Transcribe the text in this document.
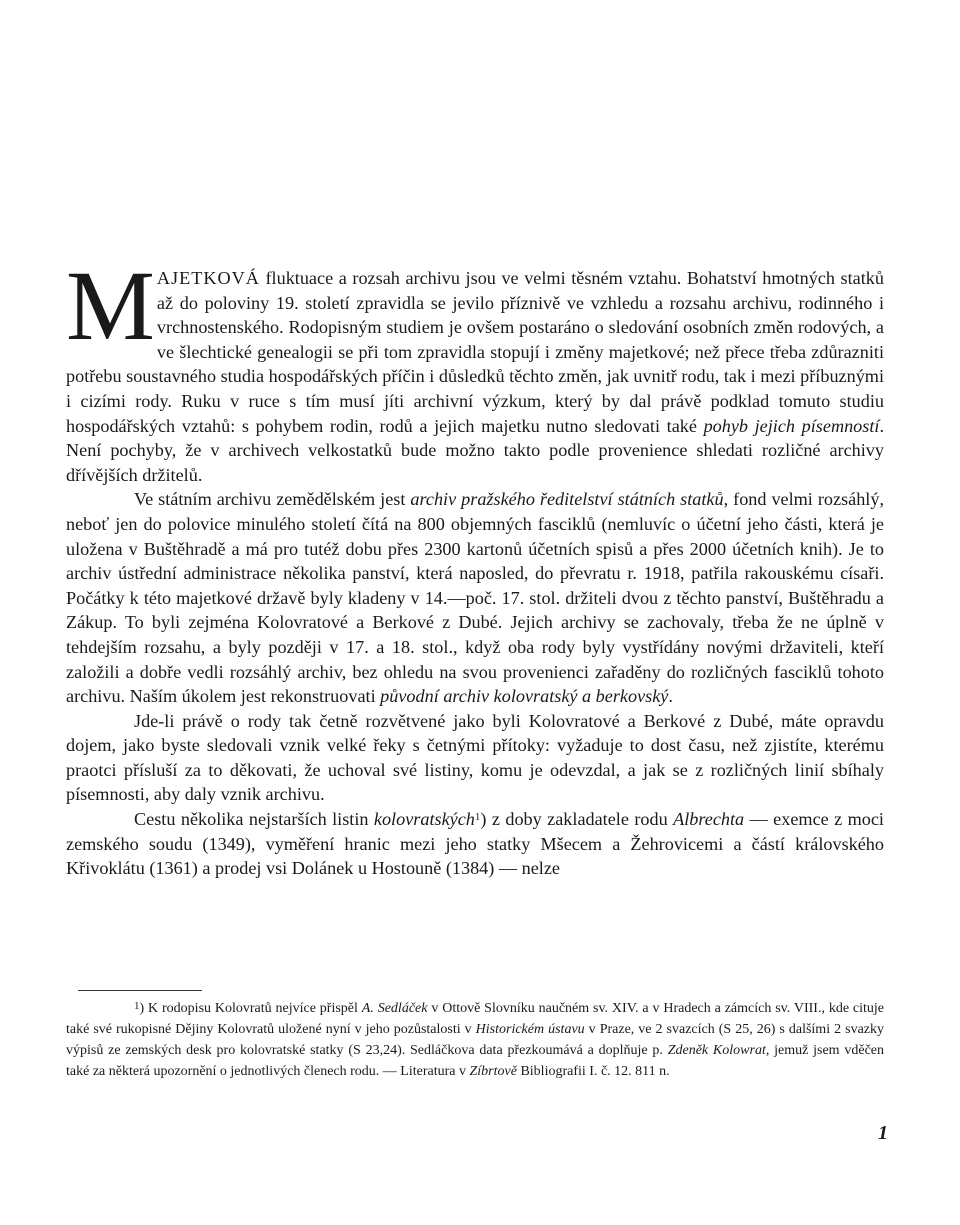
MAJETKOVÁ fluktuace a rozsah archivu jsou ve velmi těsném vztahu. Bohatství hmotných statků až do poloviny 19. století zpravidla se jevilo příznivě ve vzhledu a rozsahu archivu, rodinného i vrchnostenského. Rodopisným studiem je ovšem postaráno o sledování osobních změn rodových, a ve šlechtické genealogii se při tom zpravidla stopují i změny majetkové; než přece třeba zdůrazniti potřebu soustavného studia hospodářských příčin i důsledků těchto změn, jak uvnitř rodu, tak i mezi příbuznými i cizími rody. Ruku v ruce s tím musí jíti archivní výzkum, který by dal právě podklad tomuto studiu hospodářských vztahů: s pohybem rodin, rodů a jejich majetku nutno sledovati také pohyb jejich písemností. Není pochyby, že v archivech velkostatků bude možno takto podle provenience shledati rozličné archivy dřívějších držitelů.

Ve státním archivu zemědělském jest archiv pražského ředitelství státních statků, fond velmi rozsáhlý, neboť jen do polovice minulého století čítá na 800 objemných fasciklů (nemluvíc o účetní jeho části, která je uložena v Buštěhradě a má pro tutéž dobu přes 2300 kartonů účetních spisů a přes 2000 účetních knih). Je to archiv ústřední administrace několika panství, která naposled, do převratu r. 1918, patřila rakouskému císaři. Počátky k této majetkové državě byly kladeny v 14.—poč. 17. stol. držiteli dvou z těchto panství, Buštěhradu a Zákup. To byli zejména Kolovratové a Berkové z Dubé. Jejich archivy se zachovaly, třeba že ne úplně v tehdejším rozsahu, a byly později v 17. a 18. stol., když oba rody byly vystřídány novými državiteli, kteří založili a dobře vedli rozsáhlý archiv, bez ohledu na svou provenienci zařaděny do rozličných fasciklů tohoto archivu. Naším úkolem jest rekonstruovati původní archiv kolovratský a berkovský.

Jde-li právě o rody tak četně rozvětvené jako byli Kolovratové a Berkové z Dubé, máte opravdu dojem, jako byste sledovali vznik velké řeky s četnými přítoky: vyžaduje to dost času, než zjistíte, kterému praotci přísluší za to děkovati, že uchoval své listiny, komu je odevzdal, a jak se z rozličných linií sbíhaly písemnosti, aby daly vznik archivu.

Cestu několika nejstarších listin kolovratských$^1$) z doby zakladatele rodu Albrechta — exemce z moci zemského soudu (1349), vyměření hranic mezi jeho statky Mšecem a Žehrovicemi a částí královského Křivoklátu (1361) a prodej vsi Dolánek u Hostouně (1384) — nelze

$^1$) K rodopisu Kolovratů nejvíce přispěl A. Sedláček v Ottově Slovníku naučném sv. XIV. a v Hradech a zámcích sv. VIII., kde cituje také své rukopisné Dějiny Kolovratů uložené nyní v jeho pozůstalosti v Historickém ústavu v Praze, ve 2 svazcích (S 25, 26) s dalšími 2 svazky výpisů ze zemských desk pro kolovratské statky (S 23,24). Sedláčkova data přezkoumává a doplňuje p. Zdeněk Kolowrat, jemuž jsem vděčen také za některá upozornění o jednotlivých členech rodu. — Literatura v Zíbrtově Bibliografii I. č. 12. 811 n.

1
